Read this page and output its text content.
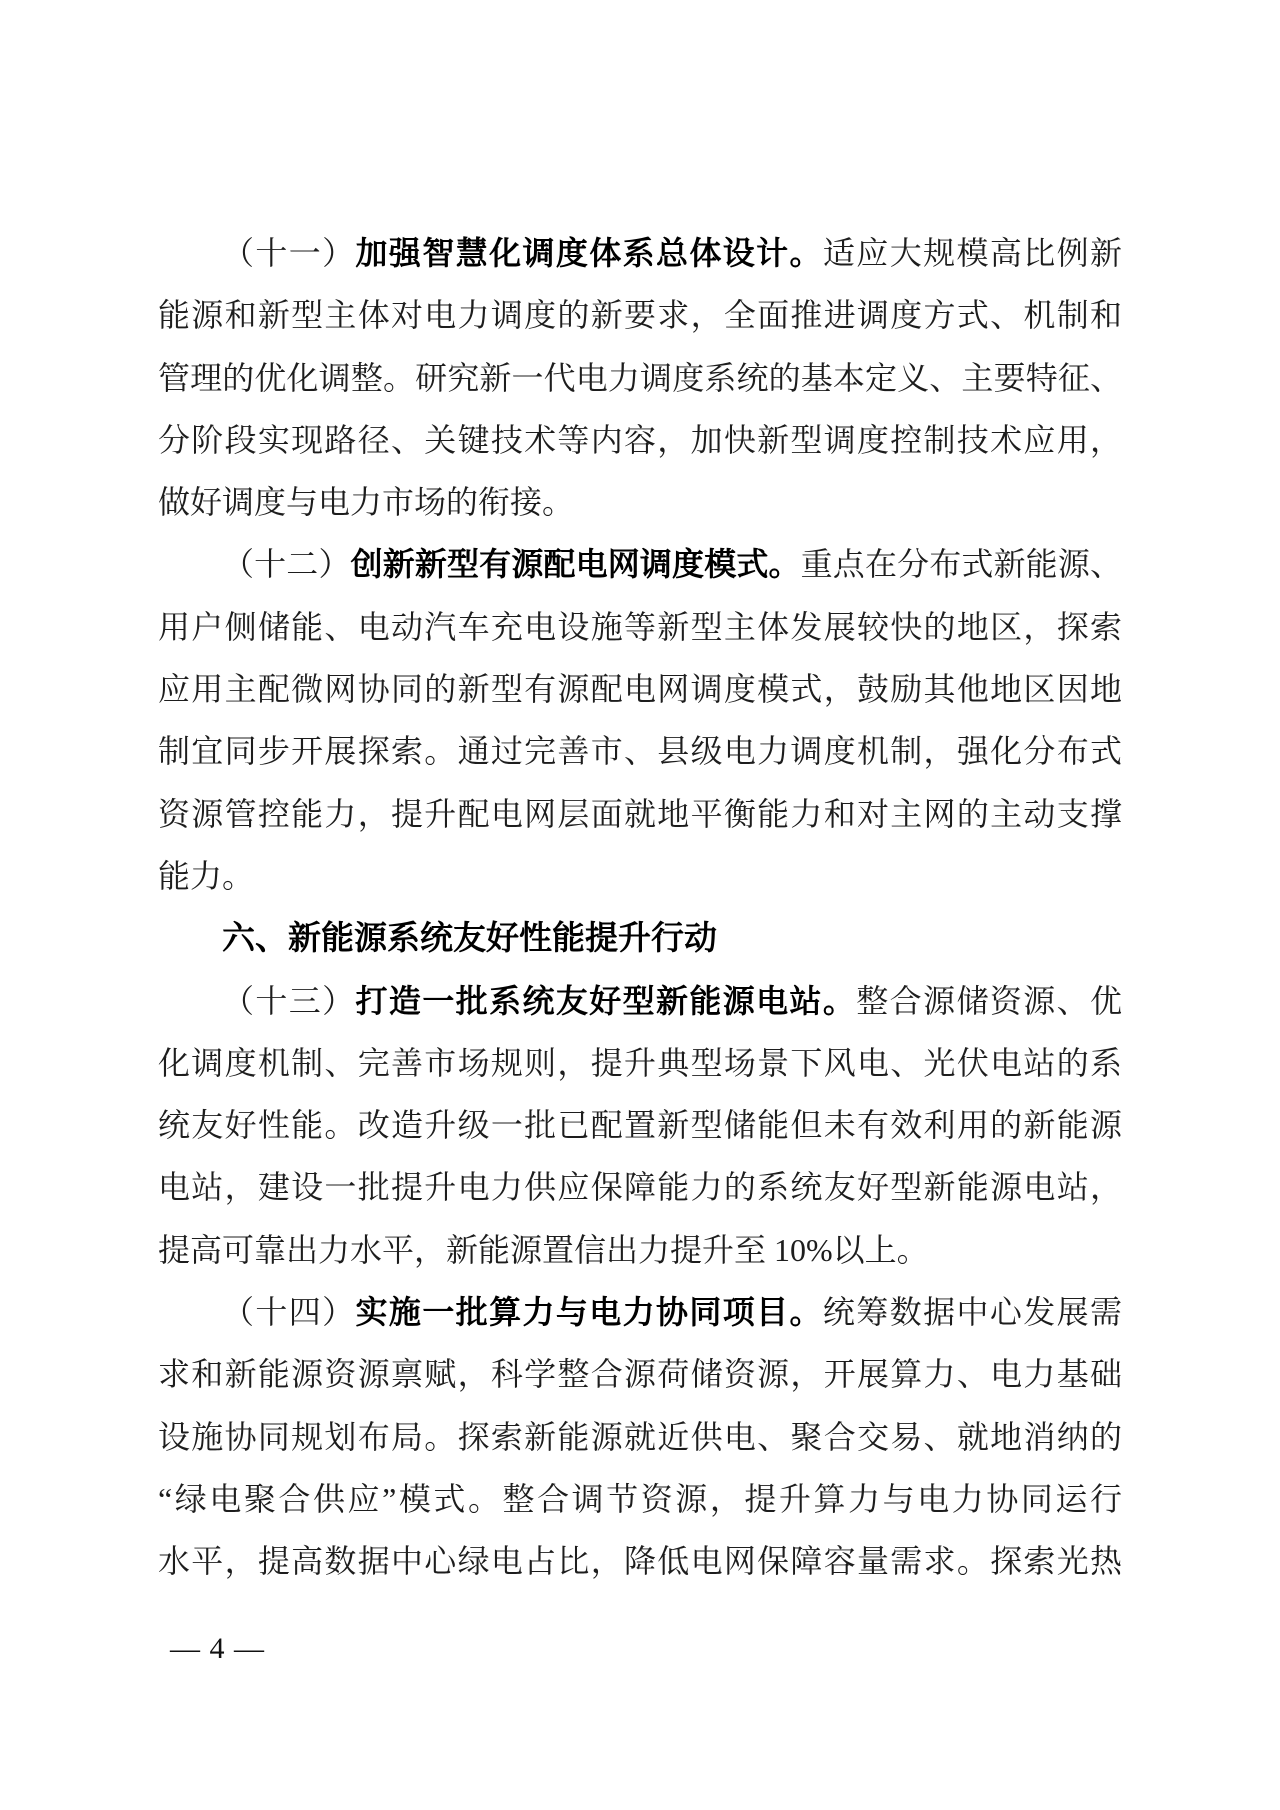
（十一）加强智慧化调度体系总体设计。适应大规模高比例新
能源和新型主体对电力调度的新要求，全面推进调度方式、机制和
管理的优化调整。研究新一代电力调度系统的基本定义、主要特征、
分阶段实现路径、关键技术等内容，加快新型调度控制技术应用，
做好调度与电力市场的衔接。
（十二）创新新型有源配电网调度模式。重点在分布式新能源、
用户侧储能、电动汽车充电设施等新型主体发展较快的地区，探索
应用主配微网协同的新型有源配电网调度模式，鼓励其他地区因地
制宜同步开展探索。通过完善市、县级电力调度机制，强化分布式
资源管控能力，提升配电网层面就地平衡能力和对主网的主动支撑
能力。
六、新能源系统友好性能提升行动
（十三）打造一批系统友好型新能源电站。整合源储资源、优
化调度机制、完善市场规则，提升典型场景下风电、光伏电站的系
统友好性能。改造升级一批已配置新型储能但未有效利用的新能源
电站，建设一批提升电力供应保障能力的系统友好型新能源电站，
提高可靠出力水平，新能源置信出力提升至 10%以上。
（十四）实施一批算力与电力协同项目。统筹数据中心发展需
求和新能源资源禀赋，科学整合源荷储资源，开展算力、电力基础
设施协同规划布局。探索新能源就近供电、聚合交易、就地消纳的
“绿电聚合供应”模式。整合调节资源，提升算力与电力协同运行
水平，提高数据中心绿电占比，降低电网保障容量需求。探索光热
— 4 —
